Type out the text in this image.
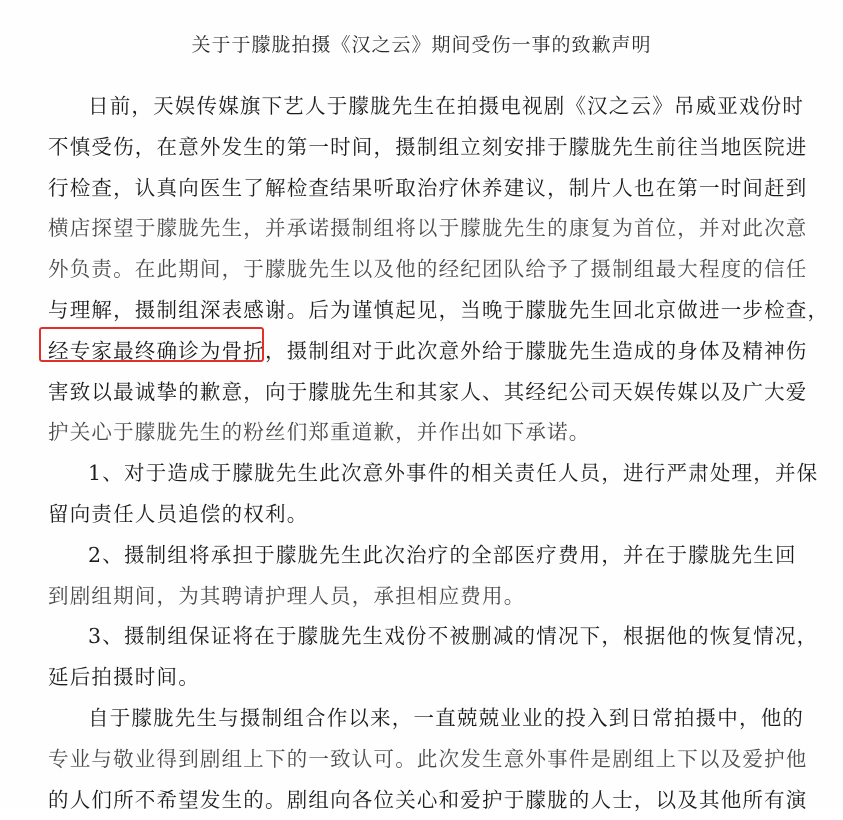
关于于朦胧拍摄《汉之云》期间受伤一事的致歉声明
日前，天娱传媒旗下艺人于朦胧先生在拍摄电视剧《汉之云》吊威亚戏份时
不慎受伤，在意外发生的第一时间，摄制组立刻安排于朦胧先生前往当地医院进
行检查，认真向医生了解检查结果听取治疗休养建议，制片人也在第一时间赶到
横店探望于朦胧先生，并承诺摄制组将以于朦胧先生的康复为首位，并对此次意
外负责。在此期间，于朦胧先生以及他的经纪团队给予了摄制组最大程度的信任
与理解，摄制组深表感谢。后为谨慎起见，当晚于朦胧先生回北京做进一步检查，
经专家最终确诊为骨折，摄制组对于此次意外给于朦胧先生造成的身体及精神伤
害致以最诚挚的歉意，向于朦胧先生和其家人、其经纪公司天娱传媒以及广大爱
护关心于朦胧先生的粉丝们郑重道歉，并作出如下承诺。
1、对于造成于朦胧先生此次意外事件的相关责任人员，进行严肃处理，并保
留向责任人员追偿的权利。
2、摄制组将承担于朦胧先生此次治疗的全部医疗费用，并在于朦胧先生回
到剧组期间，为其聘请护理人员，承担相应费用。
3、摄制组保证将在于朦胧先生戏份不被删减的情况下，根据他的恢复情况，
延后拍摄时间。
自于朦胧先生与摄制组合作以来，一直兢兢业业的投入到日常拍摄中，他的
专业与敬业得到剧组上下的一致认可。此次发生意外事件是剧组上下以及爱护他
的人们所不希望发生的。剧组向各位关心和爱护于朦胧的人士，以及其他所有演
